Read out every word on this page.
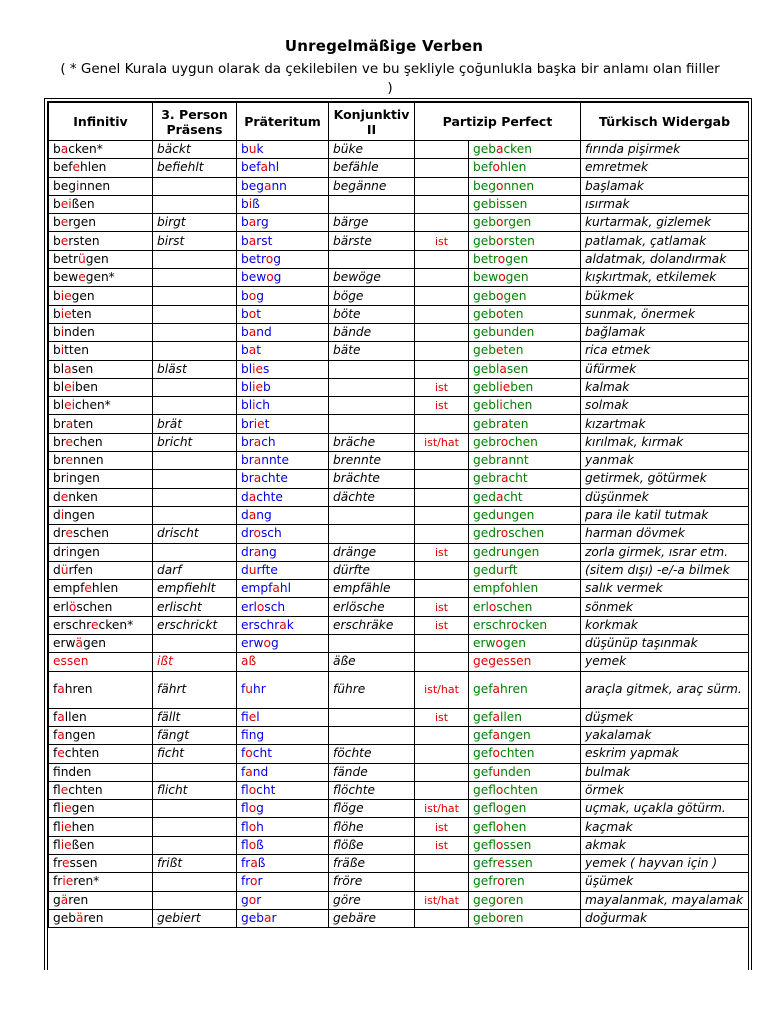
Unregelmäßige Verben
( * Genel Kurala uygun olarak da çekilebilen ve bu şekliyle çoğunlukla başka bir anlamı olan fiiller )
Infinitiv	3. Person Präsens	Präteritum	Konjunktiv II	Partizip Perfect		Türkisch Widergab
backen*	bäckt	buk	büke		gebacken	fırında pişirmek
befehlen	befiehlt	befahl	befähle		befohlen	emretmek
beginnen		begann	begänne		begonnen	başlamak
beißen		biß			gebissen	ısırmak
bergen	birgt	barg	bärge		geborgen	kurtarmak, gizlemek
bersten	birst	barst	bärste	ist	geborsten	patlamak, çatlamak
betrügen		betrog			betrogen	aldatmak, dolandırmak
bewegen*		bewog	bewöge		bewogen	kışkırtmak, etkilemek
biegen		bog	böge		gebogen	bükmek
bieten		bot	böte		geboten	sunmak, önermek
binden		band	bände		gebunden	bağlamak
bitten		bat	bäte		gebeten	rica etmek
blasen	bläst	blies			geblasen	üfürmek
bleiben		blieb		ist	geblieben	kalmak
bleichen*		blich		ist	geblichen	solmak
braten	brät	briet			gebraten	kızartmak
brechen	bricht	brach	bräche	ist/hat	gebrochen	kırılmak, kırmak
brennen		brannte	brennte		gebrannt	yanmak
bringen		brachte	brächte		gebracht	getirmek, götürmek
denken		dachte	dächte		gedacht	düşünmek
dingen		dang			gedungen	para ile katil tutmak
dreschen	drischt	drosch			gedroschen	harman dövmek
dringen		drang	dränge	ist	gedrungen	zorla girmek, ısrar etm.
dürfen	darf	durfte	dürfte		gedurft	(sitem dışı) -e/-a bilmek
empfehlen	empfiehlt	empfahl	empfähle		empfohlen	salık vermek
erlöschen	erlischt	erlosch	erlösche	ist	erloschen	sönmek
erschrecken*	erschrickt	erschrak	erschräke	ist	erschrocken	korkmak
erwägen		erwog			erwogen	düşünüp taşınmak
essen	ißt	aß	äße		gegessen	yemek
fahren	fährt	fuhr	führe	ist/hat	gefahren	araçla gitmek, araç sürm.
fallen	fällt	fiel		ist	gefallen	düşmek
fangen	fängt	fng			gefangen	yakalamak
fechten	ficht	focht	föchte		gefochten	eskrim yapmak
fnden		fand	fände		gefunden	bulmak
flechten	flicht	flocht	flöchte		geflochten	örmek
fliegen		flog	flöge	ist/hat	geflogen	uçmak, uçakla götürm.
fliehen		floh	flöhe	ist	geflohen	kaçmak
fließen		floß	flöße	ist	geflossen	akmak
fressen	frißt	fraß	fräße		gefressen	yemek ( hayvan için )
frieren*		fror	fröre		gefroren	üşümek
gären		gor	göre	ist/hat	gegoren	mayalanmak, mayalamak
gebären	gebiert	gebar	gebäre		geboren	doğurmak
